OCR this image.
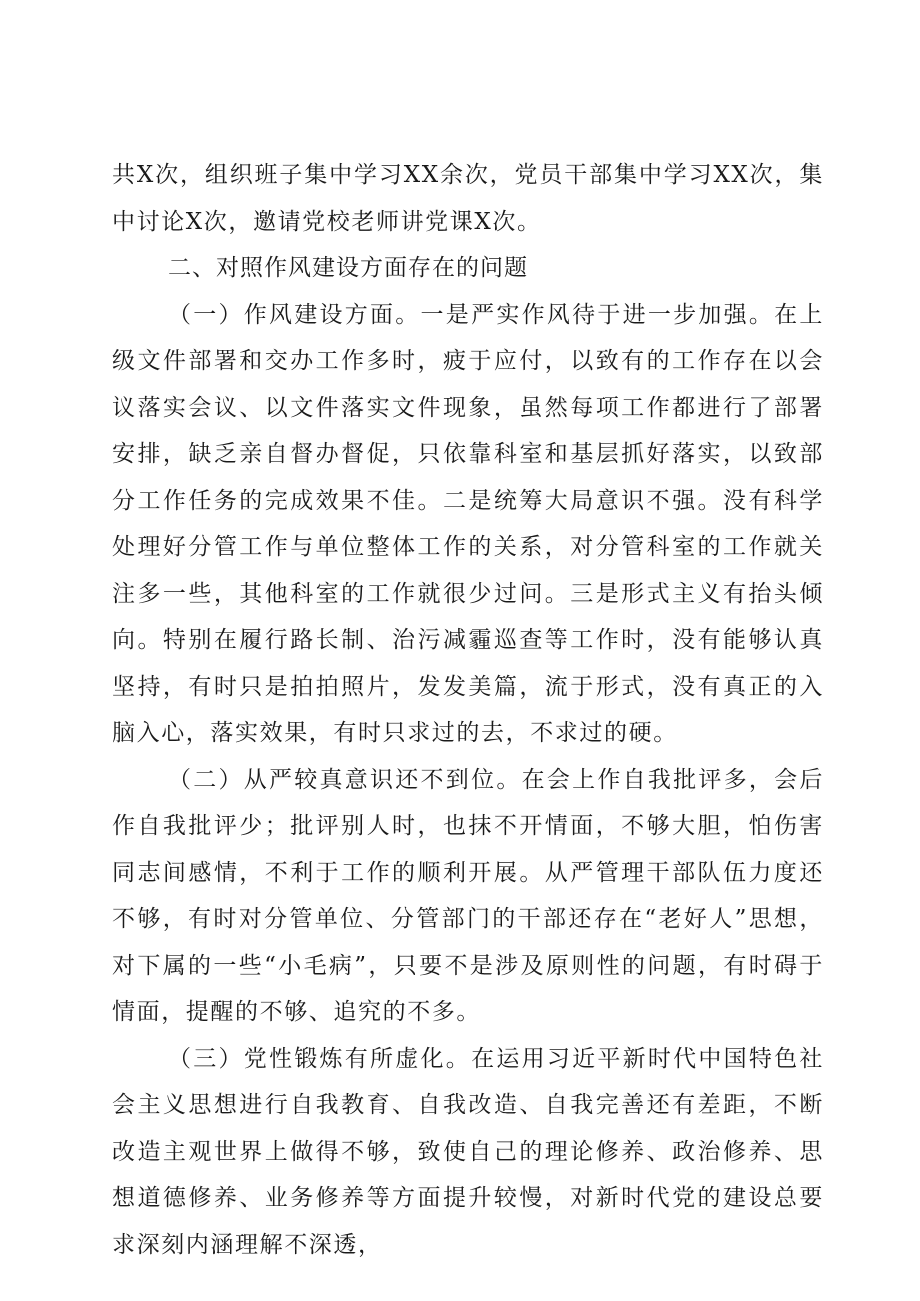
共X次，组织班子集中学习XX余次，党员干部集中学习XX次，集中讨论X次，邀请党校老师讲党课X次。

二、对照作风建设方面存在的问题

（一）作风建设方面。一是严实作风待于进一步加强。在上级文件部署和交办工作多时，疲于应付，以致有的工作存在以会议落实会议、以文件落实文件现象，虽然每项工作都进行了部署安排，缺乏亲自督办督促，只依靠科室和基层抓好落实，以致部分工作任务的完成效果不佳。二是统筹大局意识不强。没有科学处理好分管工作与单位整体工作的关系，对分管科室的工作就关注多一些，其他科室的工作就很少过问。三是形式主义有抬头倾向。特别在履行路长制、治污减霾巡查等工作时，没有能够认真坚持，有时只是拍拍照片，发发美篇，流于形式，没有真正的入脑入心，落实效果，有时只求过的去，不求过的硬。

（二）从严较真意识还不到位。在会上作自我批评多，会后作自我批评少；批评别人时，也抹不开情面，不够大胆，怕伤害同志间感情，不利于工作的顺利开展。从严管理干部队伍力度还不够，有时对分管单位、分管部门的干部还存在“老好人”思想，对下属的一些“小毛病”，只要不是涉及原则性的问题，有时碍于情面，提醒的不够、追究的不多。

（三）党性锻炼有所虚化。在运用习近平新时代中国特色社会主义思想进行自我教育、自我改造、自我完善还有差距，不断改造主观世界上做得不够，致使自己的理论修养、政治修养、思想道德修养、业务修养等方面提升较慢，对新时代党的建设总要求深刻内涵理解不深透，
